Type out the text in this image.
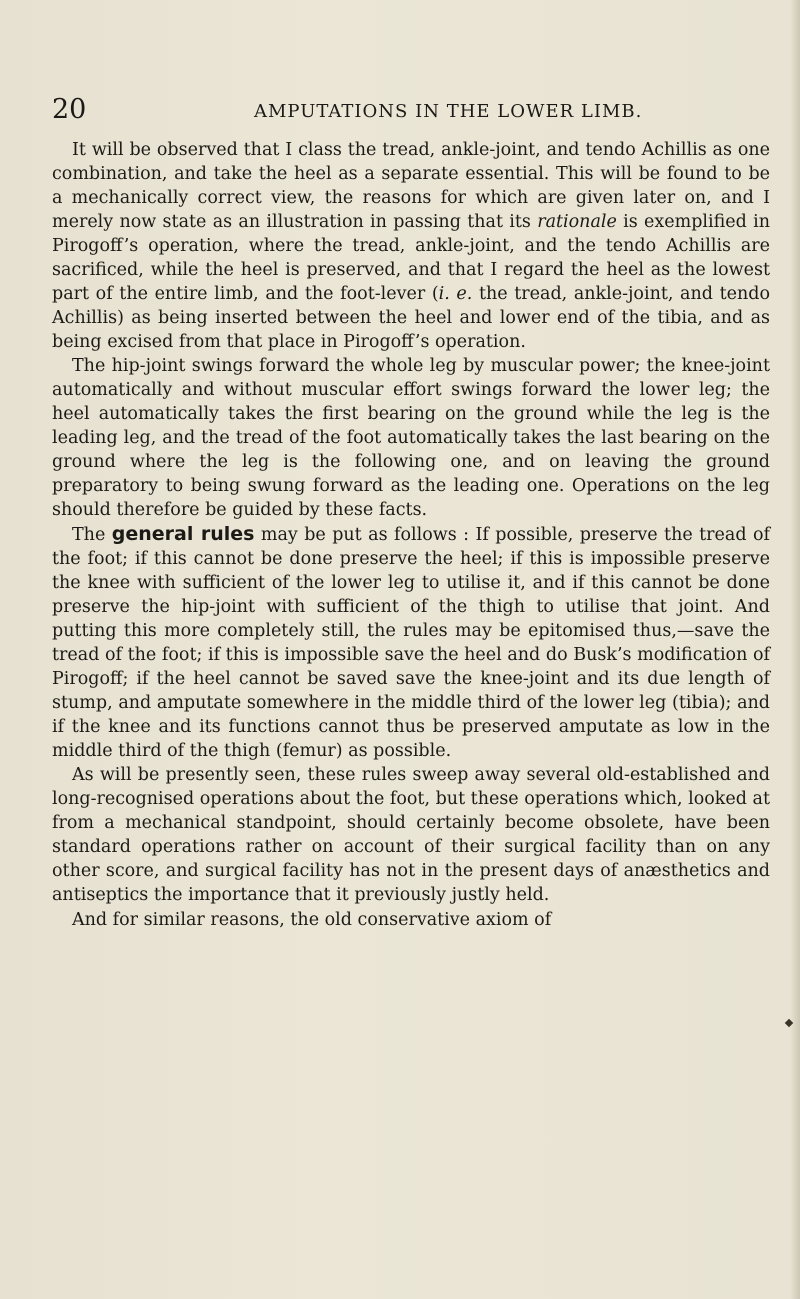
20	AMPUTATIONS IN THE LOWER LIMB.

It will be observed that I class the tread, ankle-joint, and tendo Achillis as one combination, and take the heel as a separate essential. This will be found to be a mechanically correct view, the reasons for which are given later on, and I merely now state as an illustration in passing that its rationale is exemplified in Pirogoff’s operation, where the tread, ankle-joint, and the tendo Achillis are sacrificed, while the heel is preserved, and that I regard the heel as the lowest part of the entire limb, and the foot-lever (i. e. the tread, ankle-joint, and tendo Achillis) as being inserted between the heel and lower end of the tibia, and as being excised from that place in Pirogoff’s operation.

The hip-joint swings forward the whole leg by muscular power; the knee-joint automatically and without muscular effort swings forward the lower leg; the heel automatically takes the first bearing on the ground while the leg is the leading leg, and the tread of the foot automatically takes the last bearing on the ground where the leg is the following one, and on leaving the ground preparatory to being swung forward as the leading one. Operations on the leg should therefore be guided by these facts.

The general rules may be put as follows : If possible, preserve the tread of the foot; if this cannot be done preserve the heel; if this is impossible preserve the knee with sufficient of the lower leg to utilise it, and if this cannot be done preserve the hip-joint with sufficient of the thigh to utilise that joint. And putting this more completely still, the rules may be epitomised thus,—save the tread of the foot; if this is impossible save the heel and do Busk’s modification of Pirogoff; if the heel cannot be saved save the knee-joint and its due length of stump, and amputate somewhere in the middle third of the lower leg (tibia); and if the knee and its functions cannot thus be preserved amputate as low in the middle third of the thigh (femur) as possible.

As will be presently seen, these rules sweep away several old-established and long-recognised operations about the foot, but these operations which, looked at from a mechanical standpoint, should certainly become obsolete, have been standard operations rather on account of their surgical facility than on any other score, and surgical facility has not in the present days of anæsthetics and antiseptics the importance that it previously justly held.

And for similar reasons, the old conservative axiom of
